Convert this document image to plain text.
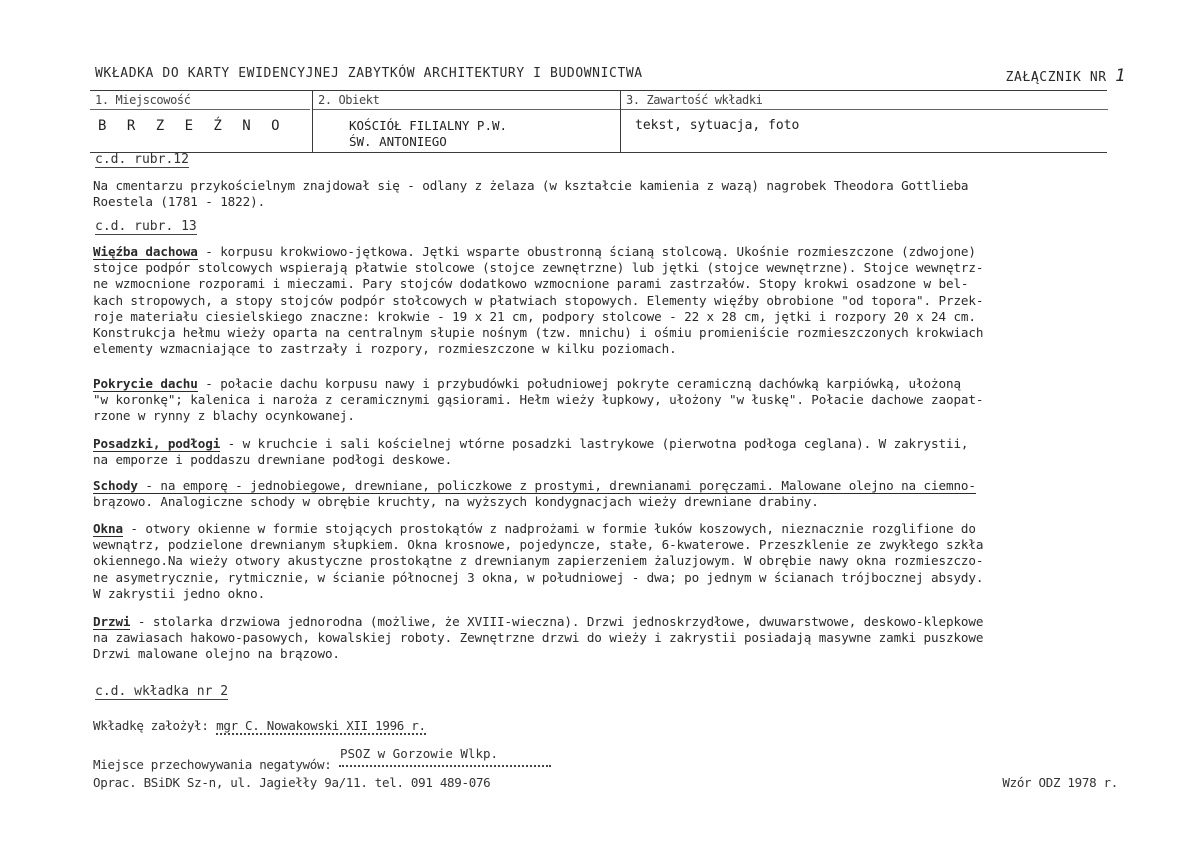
WKŁADKA DO KARTY EWIDENCYJNEJ ZABYTKÓW ARCHITEKTURY I BUDOWNICTWA	ZAŁĄCZNIK NR 1
1. Miejscowość
B R Z E Ź N O
2. Obiekt
KOŚCIÓŁ FILIALNY P.W.
ŚW. ANTONIEGO
3. Zawartość wkładki
tekst, sytuacja, foto
c.d. rubr.12
Na cmentarzu przykościelnym znajdował się - odlany z żelaza (w kształcie kamienia z wazą) nagrobek Theodora Gottlieba
Roestela (1781 - 1822).
c.d. rubr. 13
Więźba dachowa - korpusu krokwiowo-jętkowa. Jętki wsparte obustronną ścianą stolcową. Ukośnie rozmieszczone (zdwojone)
stojce podpór stolcowych wspierają płatwie stolcowe (stojce zewnętrzne) lub jętki (stojce wewnętrzne). Stojce wewnętrz-
ne wzmocnione rozporami i mieczami. Pary stojców dodatkowo wzmocnione parami zastrzałów. Stopy krokwi osadzone w bel-
kach stropowych, a stopy stojców podpór stołcowych w płatwiach stopowych. Elementy więźby obrobione "od topora". Przek-
roje materiału ciesielskiego znaczne: krokwie - 19 x 21 cm, podpory stolcowe - 22 x 28 cm, jętki i rozpory 20 x 24 cm.
Konstrukcja hełmu wieży oparta na centralnym słupie nośnym (tzw. mnichu) i ośmiu promieniście rozmieszczonych krokwiach
elementy wzmacniające to zastrzały i rozpory, rozmieszczone w kilku poziomach.
Pokrycie dachu - połacie dachu korpusu nawy i przybudówki południowej pokryte ceramiczną dachówką karpiówką, ułożoną
"w koronkę"; kalenica i naroża z ceramicznymi gąsiorami. Hełm wieży łupkowy, ułożony "w łuskę". Połacie dachowe zaopat-
rzone w rynny z blachy ocynkowanej.
Posadzki, podłogi - w kruchcie i sali kościelnej wtórne posadzki lastrykowe (pierwotna podłoga ceglana). W zakrystii,
na emporze i poddaszu drewniane podłogi deskowe.
Schody - na emporę - jednobiegowe, drewniane, policzkowe z prostymi, drewnianami poręczami. Malowane olejno na ciemno-
brązowo. Analogiczne schody w obrębie kruchty, na wyższych kondygnacjach wieży drewniane drabiny.
Okna - otwory okienne w formie stojących prostokątów z nadprożami w formie łuków koszowych, nieznacznie rozglifione do
wewnątrz, podzielone drewnianym słupkiem. Okna krosnowe, pojedyncze, stałe, 6-kwaterowe. Przeszklenie ze zwykłego szkła
okiennego.Na wieży otwory akustyczne prostokątne z drewnianym zapierzeniem żaluzjowym. W obrębie nawy okna rozmieszczo-
ne asymetrycznie, rytmicznie, w ścianie północnej 3 okna, w południowej - dwa; po jednym w ścianach trójbocznej absydy.
W zakrystii jedno okno.
Drzwi - stolarka drzwiowa jednorodna (możliwe, że XVIII-wieczna). Drzwi jednoskrzydłowe, dwuwarstwowe, deskowo-klepkowe
na zawiasach hakowo-pasowych, kowalskiej roboty. Zewnętrzne drzwi do wieży i zakrystii posiadają masywne zamki puszkowe
Drzwi malowane olejno na brązowo.
c.d. wkładka nr 2
Wkładkę założył: mgr C. Nowakowski XII 1996 r.
PSOZ w Gorzowie Wlkp.
Miejsce przechowywania negatywów:
Oprac. BSiDK Sz-n, ul. Jagiełły 9a/11. tel. 091 489-076	Wzór ODZ 1978 r.
